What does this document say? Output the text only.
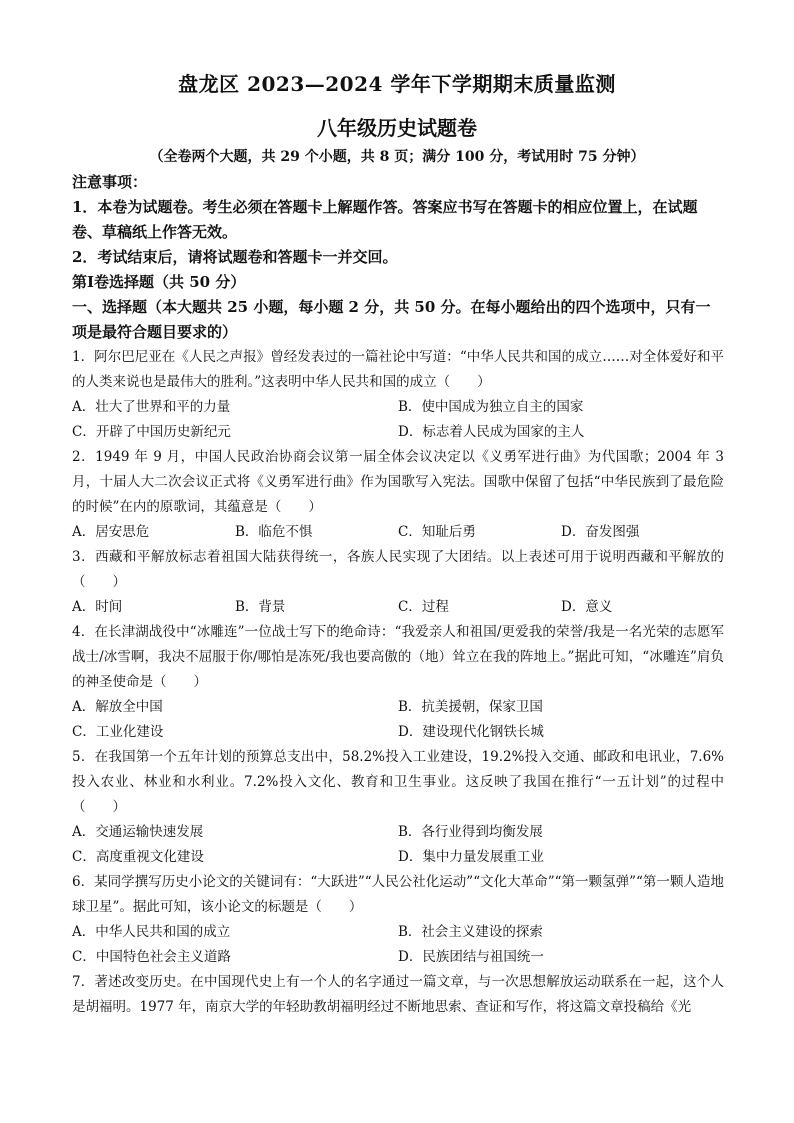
盘龙区 2023—2024 学年下学期期末质量监测
八年级历史试题卷
（全卷两个大题，共 29 个小题，共 8 页；满分 100 分，考试用时 75 分钟）

注意事项：

1．本卷为试题卷。考生必须在答题卡上解题作答。答案应书写在答题卡的相应位置上，在试题卷、草稿纸上作答无效。

2．考试结束后，请将试题卷和答题卡一并交回。

第Ⅰ卷选择题（共 50 分）

一、选择题（本大题共 25 小题，每小题 2 分，共 50 分。在每小题给出的四个选项中，只有一项是最符合题目要求的）

1．阿尔巴尼亚在《人民之声报》曾经发表过的一篇社论中写道：“中华人民共和国的成立……对全体爱好和平的人类来说也是最伟大的胜利。”这表明中华人民共和国的成立（　　）

A．壮大了世界和平的力量	B．使中国成为独立自主的国家
C．开辟了中国历史新纪元	D．标志着人民成为国家的主人

2．1949 年 9 月，中国人民政治协商会议第一届全体会议决定以《义勇军进行曲》为代国歌；2004 年 3 月，十届人大二次会议正式将《义勇军进行曲》作为国歌写入宪法。国歌中保留了包括“中华民族到了最危险的时候”在内的原歌词，其蕴意是（　　）

A．居安思危	B．临危不惧	C．知耻后勇	D．奋发图强

3．西藏和平解放标志着祖国大陆获得统一，各族人民实现了大团结。以上表述可用于说明西藏和平解放的（　　）

A．时间	B．背景	C．过程	D．意义

4．在长津湖战役中“冰雕连”一位战士写下的绝命诗：“我爱亲人和祖国/更爱我的荣誉/我是一名光荣的志愿军战士/冰雪啊，我决不屈服于你/哪怕是冻死/我也要高傲的（地）耸立在我的阵地上。”据此可知，“冰雕连”肩负的神圣使命是（　　）

A．解放全中国	B．抗美援朝，保家卫国
C．工业化建设	D．建设现代化钢铁长城

5．在我国第一个五年计划的预算总支出中，58.2%投入工业建设，19.2%投入交通、邮政和电讯业，7.6%投入农业、林业和水利业。7.2%投入文化、教育和卫生事业。这反映了我国在推行“一五计划”的过程中（　　）

A．交通运输快速发展	B．各行业得到均衡发展
C．高度重视文化建设	D．集中力量发展重工业

6．某同学撰写历史小论文的关键词有：“大跃进”“人民公社化运动”“文化大革命”“第一颗氢弹”“第一颗人造地球卫星”。据此可知，该小论文的标题是（　　）

A．中华人民共和国的成立	B．社会主义建设的探索
C．中国特色社会主义道路	D．民族团结与祖国统一

7．著述改变历史。在中国现代史上有一个人的名字通过一篇文章，与一次思想解放运动联系在一起，这个人是胡福明。1977 年，南京大学的年轻助教胡福明经过不断地思索、查证和写作，将这篇文章投稿给《光
